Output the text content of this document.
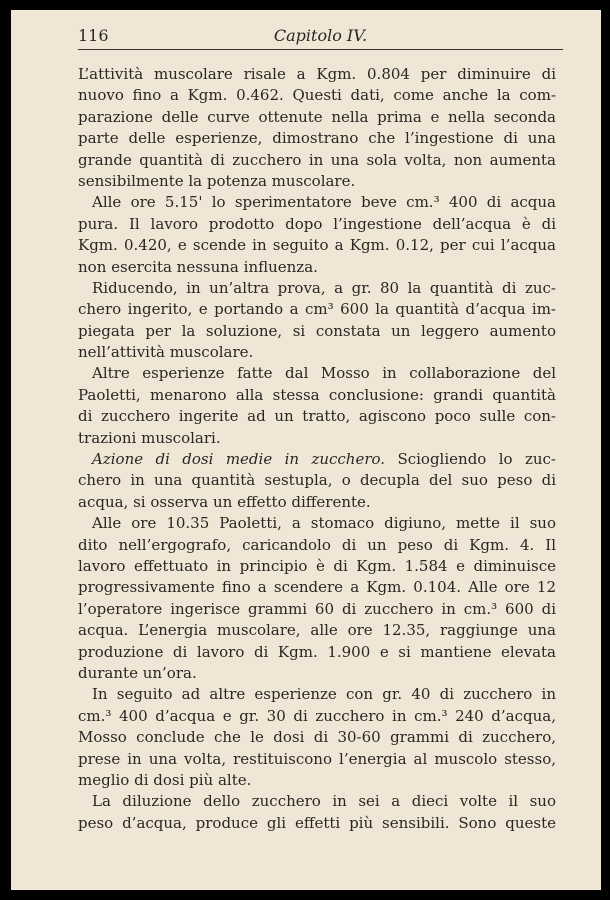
116	Capitolo IV.
L’attività muscolare risale a Kgm. 0.804 per diminuire di
nuovo fino a Kgm. 0.462. Questi dati, come anche la com-
parazione delle curve ottenute nella prima e nella seconda
parte delle esperienze, dimostrano che l’ingestione di una
grande quantità di zucchero in una sola volta, non aumenta
sensibilmente la potenza muscolare.
Alle ore 5.15' lo sperimentatore beve cm.³ 400 di acqua
pura. Il lavoro prodotto dopo l’ingestione dell’acqua è di
Kgm. 0.420, e scende in seguito a Kgm. 0.12, per cui l’acqua
non esercita nessuna influenza.
Riducendo, in un’altra prova, a gr. 80 la quantità di zuc-
chero ingerito, e portando a cm³ 600 la quantità d’acqua im-
piegata per la soluzione, si constata un leggero aumento
nell’attività muscolare.
Altre esperienze fatte dal Mosso in collaborazione del
Paoletti, menarono alla stessa conclusione: grandi quantità
di zucchero ingerite ad un tratto, agiscono poco sulle con-
trazioni muscolari.
Azione di dosi medie in zucchero. Sciogliendo lo zuc-
chero in una quantità sestupla, o decupla del suo peso di
acqua, si osserva un effetto differente.
Alle ore 10.35 Paoletti, a stomaco digiuno, mette il suo
dito nell’ergografo, caricandolo di un peso di Kgm. 4. Il
lavoro effettuato in principio è di Kgm. 1.584 e diminuisce
progressivamente fino a scendere a Kgm. 0.104. Alle ore 12
l’operatore ingerisce grammi 60 di zucchero in cm.³ 600 di
acqua. L’energia muscolare, alle ore 12.35, raggiunge una
produzione di lavoro di Kgm. 1.900 e si mantiene elevata
durante un’ora.
In seguito ad altre esperienze con gr. 40 di zucchero in
cm.³ 400 d’acqua e gr. 30 di zucchero in cm.³ 240 d’acqua,
Mosso conclude che le dosi di 30-60 grammi di zucchero,
prese in una volta, restituiscono l’energia al muscolo stesso,
meglio di dosi più alte.
La diluzione dello zucchero in sei a dieci volte il suo
peso d’acqua, produce gli effetti più sensibili. Sono queste
